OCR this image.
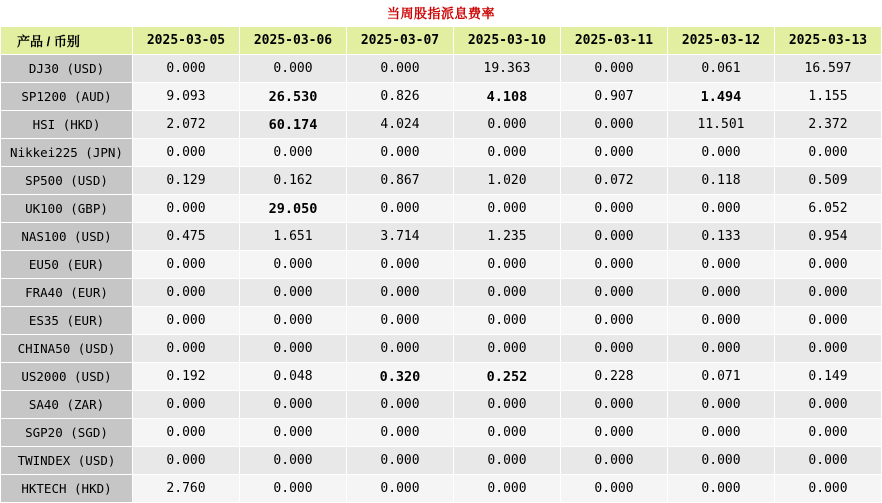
当周股指派息费率
产品 / 币别	2025-03-05	2025-03-06	2025-03-07	2025-03-10	2025-03-11	2025-03-12	2025-03-13
DJ30 (USD)	0.000	0.000	0.000	19.363	0.000	0.061	16.597
SP1200 (AUD)	9.093	26.530	0.826	4.108	0.907	1.494	1.155
HSI (HKD)	2.072	60.174	4.024	0.000	0.000	11.501	2.372
Nikkei225 (JPN)	0.000	0.000	0.000	0.000	0.000	0.000	0.000
SP500 (USD)	0.129	0.162	0.867	1.020	0.072	0.118	0.509
UK100 (GBP)	0.000	29.050	0.000	0.000	0.000	0.000	6.052
NAS100 (USD)	0.475	1.651	3.714	1.235	0.000	0.133	0.954
EU50 (EUR)	0.000	0.000	0.000	0.000	0.000	0.000	0.000
FRA40 (EUR)	0.000	0.000	0.000	0.000	0.000	0.000	0.000
ES35 (EUR)	0.000	0.000	0.000	0.000	0.000	0.000	0.000
CHINA50 (USD)	0.000	0.000	0.000	0.000	0.000	0.000	0.000
US2000 (USD)	0.192	0.048	0.320	0.252	0.228	0.071	0.149
SA40 (ZAR)	0.000	0.000	0.000	0.000	0.000	0.000	0.000
SGP20 (SGD)	0.000	0.000	0.000	0.000	0.000	0.000	0.000
TWINDEX (USD)	0.000	0.000	0.000	0.000	0.000	0.000	0.000
HKTECH (HKD)	2.760	0.000	0.000	0.000	0.000	0.000	0.000
